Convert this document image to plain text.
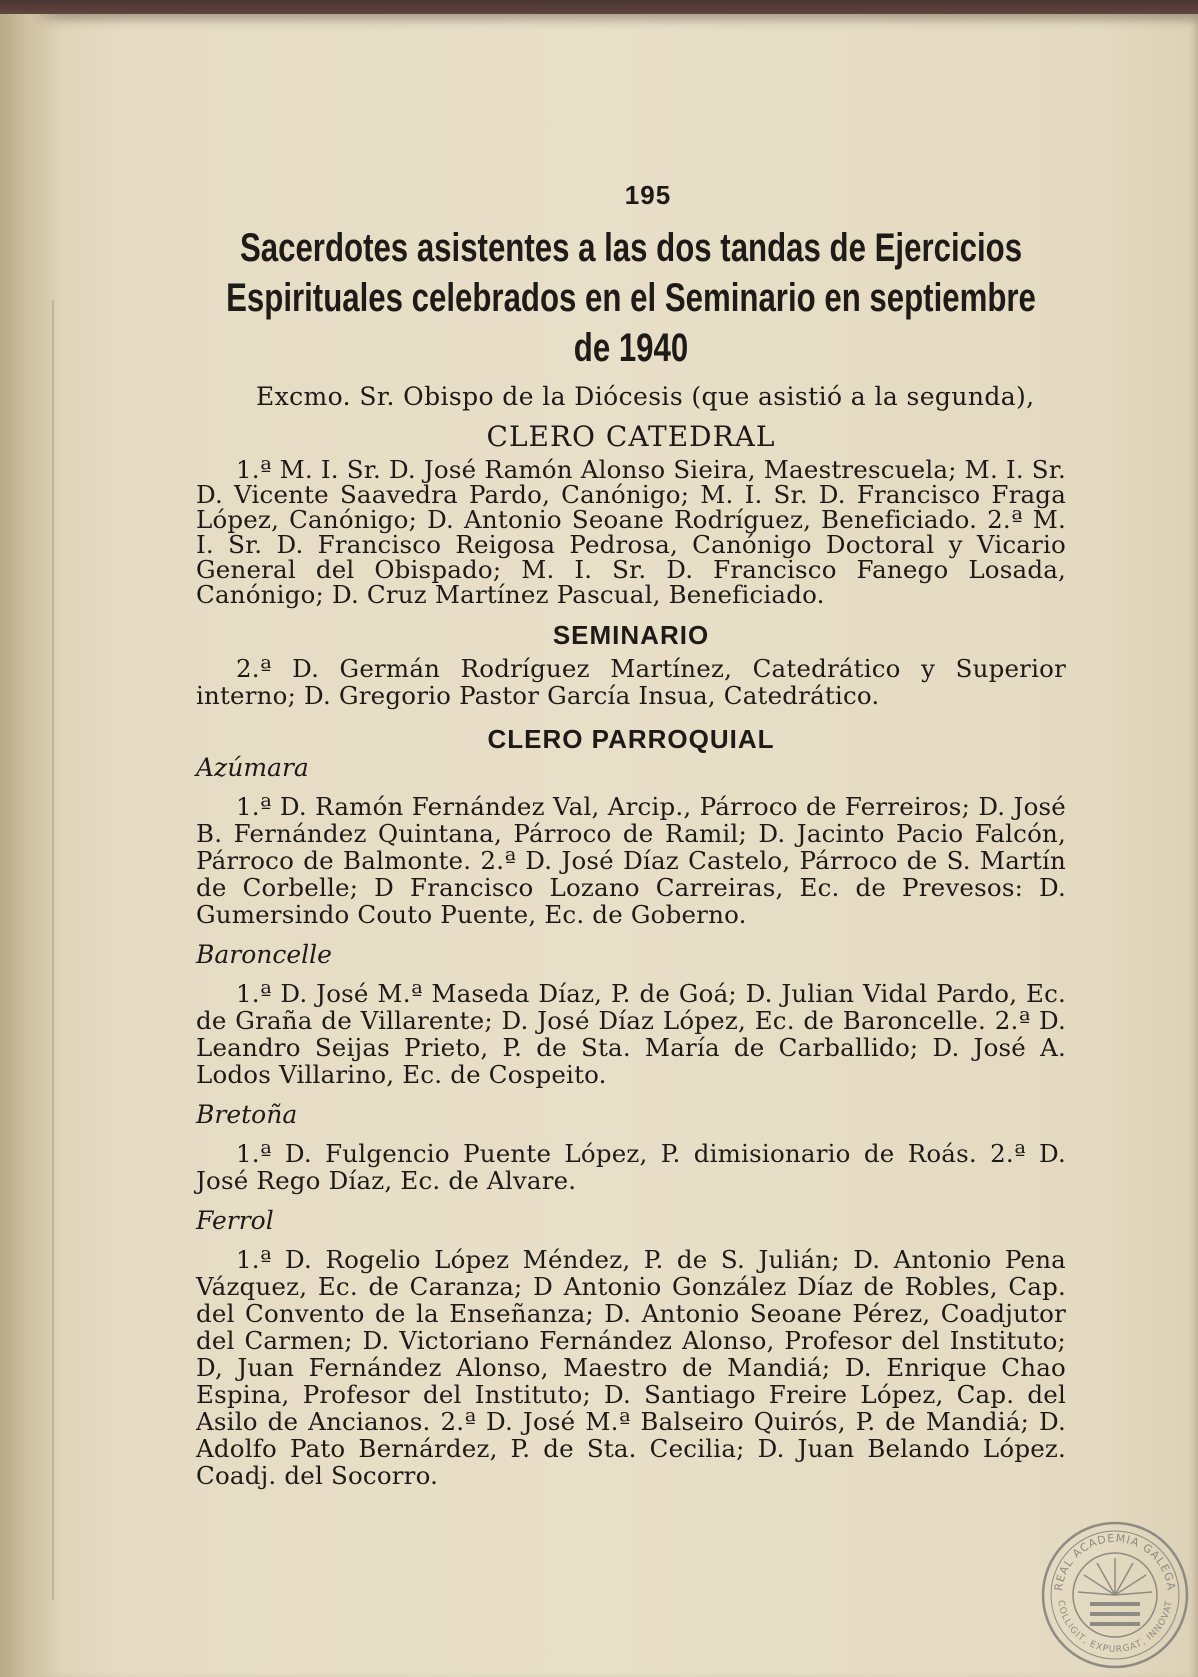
195
Sacerdotes asistentes a las dos tandas de Ejercicios Espirituales celebrados en el Seminario en septiembre de 1940
Excmo. Sr. Obispo de la Diócesis (que asistió a la segunda),
CLERO CATEDRAL
1.ª M. I. Sr. D. José Ramón Alonso Sieira, Maestrescuela; M. I. Sr. D. Vicente Saavedra Pardo, Canónigo; M. I. Sr. D. Francisco Fraga López, Canónigo; D. Antonio Seoane Rodríguez, Beneficiado. 2.ª M. I. Sr. D. Francisco Reigosa Pedrosa, Canónigo Doctoral y Vicario General del Obispado; M. I. Sr. D. Francisco Fanego Losada, Canónigo; D. Cruz Martínez Pascual, Beneficiado.
SEMINARIO
2.ª D. Germán Rodríguez Martínez, Catedrático y Superior interno; D. Gregorio Pastor García Insua, Catedrático.
CLERO PARROQUIAL
Azúmara
1.ª D. Ramón Fernández Val, Arcip., Párroco de Ferreiros; D. José B. Fernández Quintana, Párroco de Ramil; D. Jacinto Pacio Falcón, Párroco de Balmonte. 2.ª D. José Díaz Castelo, Párroco de S. Martín de Corbelle; D Francisco Lozano Carreiras, Ec. de Prevesos: D. Gumersindo Couto Puente, Ec. de Goberno.
Baroncelle
1.ª D. José M.ª Maseda Díaz, P. de Goá; D. Julian Vidal Pardo, Ec. de Graña de Villarente; D. José Díaz López, Ec. de Baroncelle. 2.ª D. Leandro Seijas Prieto, P. de Sta. María de Carballido; D. José A. Lodos Villarino, Ec. de Cospeito.
Bretoña
1.ª D. Fulgencio Puente López, P. dimisionario de Roás. 2.ª D. José Rego Díaz, Ec. de Alvare.
Ferrol
1.ª D. Rogelio López Méndez, P. de S. Julián; D. Antonio Pena Vázquez, Ec. de Caranza; D Antonio González Díaz de Robles, Cap. del Convento de la Enseñanza; D. Antonio Seoane Pérez, Coadjutor del Carmen; D. Victoriano Fernández Alonso, Profesor del Instituto; D, Juan Fernández Alonso, Maestro de Mandiá; D. Enrique Chao Espina, Profesor del Instituto; D. Santiago Freire López, Cap. del Asilo de Ancianos. 2.ª D. José M.ª Balseiro Quirós, P. de Mandiá; D. Adolfo Pato Bernárdez, P. de Sta. Cecilia; D. Juan Belando López. Coadj. del Socorro.
REAL ACADEMIA GALEGA
COLLIGIT, EXPURGAT, INNOVAT
